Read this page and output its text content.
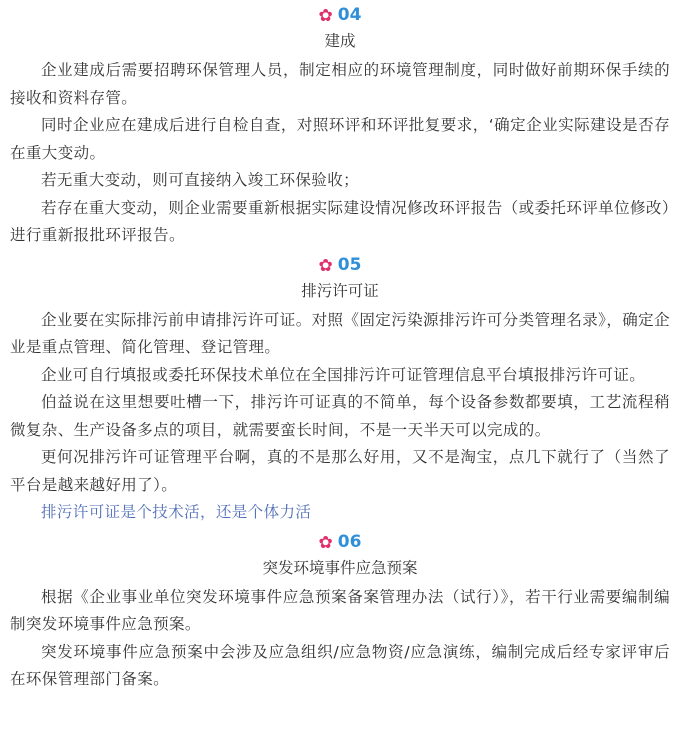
✿ 04
建成

企业建成后需要招聘环保管理人员，制定相应的环境管理制度，同时做好前期环保手续的接收和资料存管。

同时企业应在建成后进行自检自查，对照环评和环评批复要求，‘确定企业实际建设是否存在重大变动。

若无重大变动，则可直接纳入竣工环保验收；

若存在重大变动，则企业需要重新根据实际建设情况修改环评报告（或委托环评单位修改）进行重新报批环评报告。

✿ 05
排污许可证

企业要在实际排污前申请排污许可证。对照《固定污染源排污许可分类管理名录》，确定企业是重点管理、简化管理、登记管理。

企业可自行填报或委托环保技术单位在全国排污许可证管理信息平台填报排污许可证。

伯益说在这里想要吐槽一下，排污许可证真的不简单，每个设备参数都要填，工艺流程稍微复杂、生产设备多点的项目，就需要蛮长时间，不是一天半天可以完成的。

更何况排污许可证管理平台啊，真的不是那么好用，又不是淘宝，点几下就行了（当然了平台是越来越好用了）。

排污许可证是个技术活，还是个体力活

✿ 06
突发环境事件应急预案

根据《企业事业单位突发环境事件应急预案备案管理办法（试行）》，若干行业需要编制编制突发环境事件应急预案。

突发环境事件应急预案中会涉及应急组织/应急物资/应急演练，编制完成后经专家评审后在环保管理部门备案。
